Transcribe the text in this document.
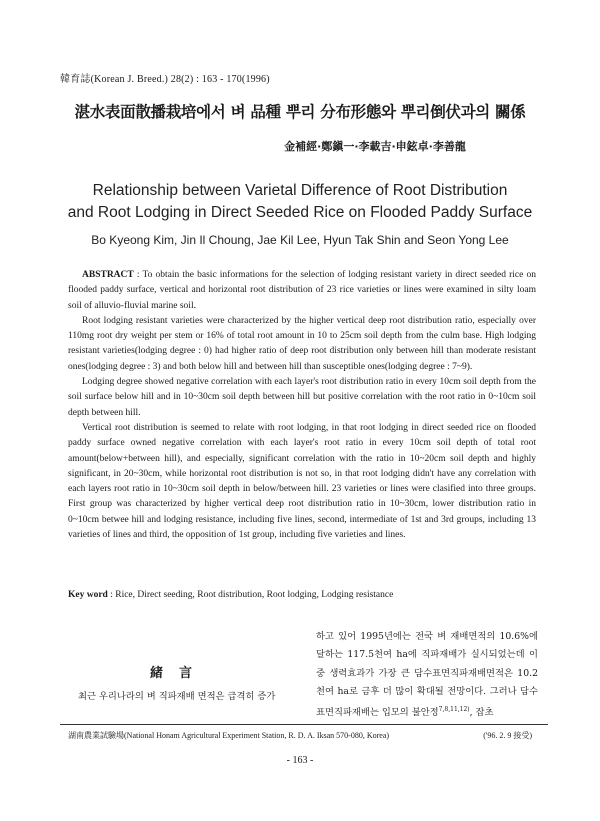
韓育誌(Korean J. Breed.) 28(2) : 163 - 170(1996)
湛水表面散播栽培에서 벼 品種 뿌리 分布形態와 뿌리倒伏과의 關係
金補經·鄭鎭一·李載吉·申鉉卓·李善龍
Relationship between Varietal Difference of Root Distribution
and Root Lodging in Direct Seeded Rice on Flooded Paddy Surface
Bo Kyeong Kim, Jin Il Choung, Jae Kil Lee, Hyun Tak Shin and Seon Yong Lee

ABSTRACT : To obtain the basic informations for the selection of lodging resistant variety in direct seeded rice on flooded paddy surface, vertical and horizontal root distribution of 23 rice varieties or lines were examined in silty loam soil of alluvio-fluvial marine soil.

Root lodging resistant varieties were characterized by the higher vertical deep root distribution ratio, especially over 110mg root dry weight per stem or 16% of total root amount in 10 to 25cm soil depth from the culm base. High lodging resistant varieties(lodging degree : 0) had higher ratio of deep root distribution only between hill than moderate resistant ones(lodging degree : 3) and both below hill and between hill than susceptible ones(lodging degree : 7~9).

Lodging degree showed negative correlation with each layer's root distribution ratio in every 10cm soil depth from the soil surface below hill and in 10~30cm soil depth between hill but positive correlation with the root ratio in 0~10cm soil depth between hill.

Vertical root distribution is seemed to relate with root lodging, in that root lodging in direct seeded rice on flooded paddy surface owned negative correlation with each layer's root ratio in every 10cm soil depth of total root amount(below+between hill), and especially, significant correlation with the ratio in 10~20cm soil depth and highly significant, in 20~30cm, while horizontal root distribution is not so, in that root lodging didn't have any correlation with each layers root ratio in 10~30cm soil depth in below/between hill. 23 varieties or lines were clasified into three groups. First group was characterized by higher vertical deep root distribution ratio in 10~30cm, lower distribution ratio in 0~10cm betwee hill and lodging resistance, including five lines, second, intermediate of 1st and 3rd groups, including 13 varieties of lines and third, the opposition of 1st group, including five varieties and lines.

Key word : Rice, Direct seeding, Root distribution, Root lodging, Lodging resistance
緒言
최근 우리나라의 벼 직파재배 면적은 급격히 증가
하고 있어 1995년에는 전국 벼 재배면적의 10.6%에 달하는 117.5천여 ha에 직파재배가 실시되었는데 이중 생력효과가 가장 큰 담수표면직파재배면적은 10.2천여 ha로 금후 더 많이 확대될 전망이다. 그러나 담수표면직파재배는 입모의 불안정$^{7,8,11,12)}$, 잡초
湖南農業試驗場(National Honam Agricultural Experiment Station, R. D. A. Iksan 570-080, Korea)	('96. 2. 9 接受)
- 163 -
